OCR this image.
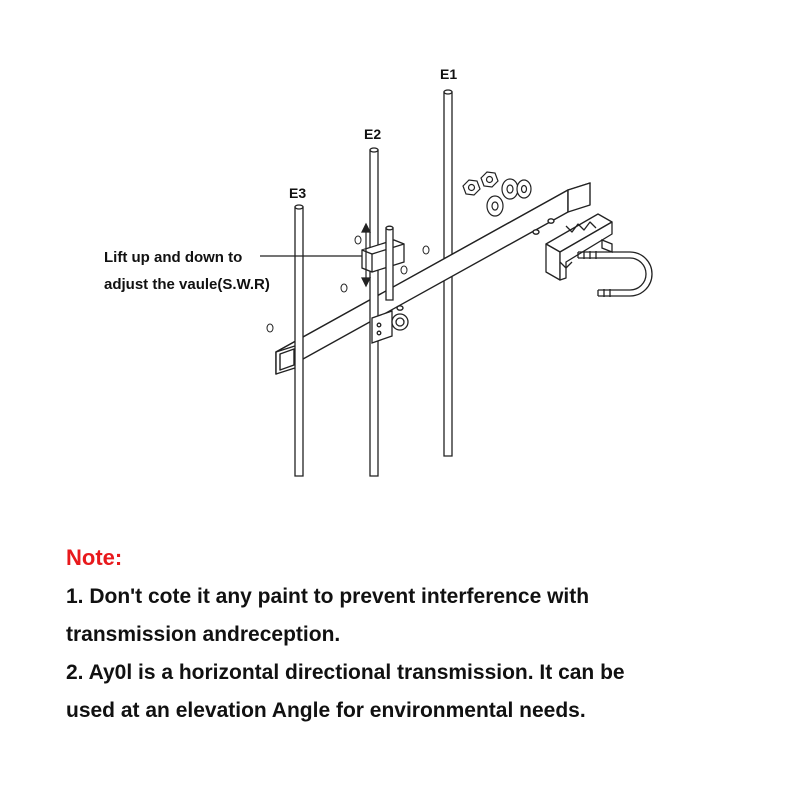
E1
E2
E3
Lift up and down to
adjust the vaule(S.W.R)
Note:
1. Don't cote it any paint to prevent interference with
transmission andreception.
2. Ay0l is a horizontal directional transmission. It can be
used at an elevation Angle for environmental needs.
